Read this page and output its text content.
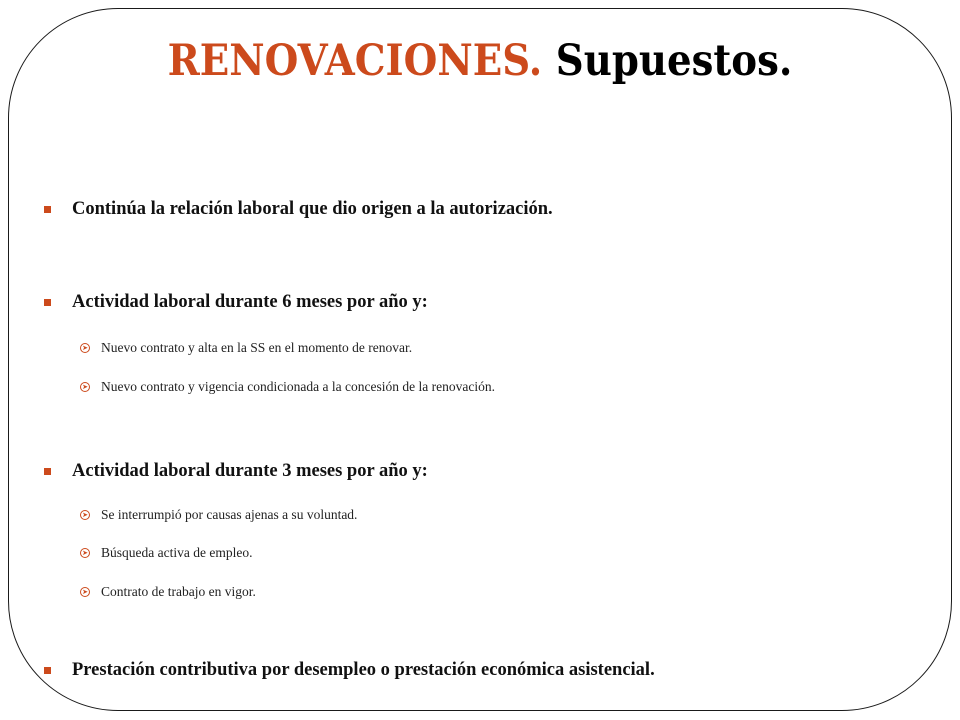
RENOVACIONES. Supuestos.
Continúa la relación laboral que dio origen a la autorización.
Actividad laboral durante 6 meses por año y:
➤ Nuevo contrato y alta en la SS en el momento de renovar.
➤ Nuevo contrato y vigencia condicionada a la concesión de la renovación.
Actividad laboral durante 3 meses por año y:
➤ Se interrumpió por causas ajenas a su voluntad.
➤ Búsqueda activa de empleo.
➤ Contrato de trabajo en vigor.
Prestación contributiva por desempleo o prestación económica asistencial.
